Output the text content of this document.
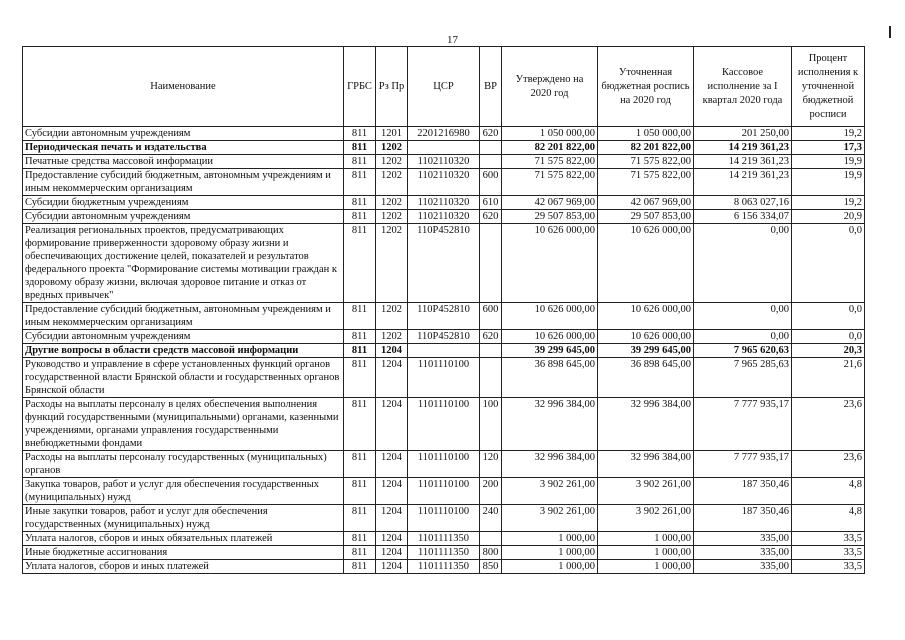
17
Наименование	ГРБС	Рз Пр	ЦСР	ВР	Утверждено на 2020 год	Уточненная бюджетная роспись на 2020 год	Кассовое исполнение за I квартал 2020 года	Процент исполнения к уточненной бюджетной росписи
Субсидии автономным учреждениям	811	1201	2201216980	620	1 050 000,00	1 050 000,00	201 250,00	19,2
Периодическая печать и издательства	811	1202			82 201 822,00	82 201 822,00	14 219 361,23	17,3
Печатные средства массовой информации	811	1202	1102110320		71 575 822,00	71 575 822,00	14 219 361,23	19,9
Предоставление субсидий бюджетным, автономным учреждениям и иным некоммерческим организациям	811	1202	1102110320	600	71 575 822,00	71 575 822,00	14 219 361,23	19,9
Субсидии бюджетным учреждениям	811	1202	1102110320	610	42 067 969,00	42 067 969,00	8 063 027,16	19,2
Субсидии автономным учреждениям	811	1202	1102110320	620	29 507 853,00	29 507 853,00	6 156 334,07	20,9
Реализация региональных проектов, предусматривающих формирование приверженности здоровому образу жизни и обеспечивающих достижение целей, показателей и результатов федерального проекта "Формирование системы мотивации граждан к здоровому образу жизни, включая здоровое питание и отказ от вредных привычек"	811	1202	110Р452810		10 626 000,00	10 626 000,00	0,00	0,0
Предоставление субсидий бюджетным, автономным учреждениям и иным некоммерческим организациям	811	1202	110Р452810	600	10 626 000,00	10 626 000,00	0,00	0,0
Субсидии автономным учреждениям	811	1202	110Р452810	620	10 626 000,00	10 626 000,00	0,00	0,0
Другие вопросы в области средств массовой информации	811	1204			39 299 645,00	39 299 645,00	7 965 620,63	20,3
Руководство и управление в сфере установленных функций органов государственной власти Брянской области и государственных органов Брянской области	811	1204	1101110100		36 898 645,00	36 898 645,00	7 965 285,63	21,6
Расходы на выплаты персоналу в целях обеспечения выполнения функций государственными (муниципальными) органами, казенными учреждениями, органами управления государственными внебюджетными фондами	811	1204	1101110100	100	32 996 384,00	32 996 384,00	7 777 935,17	23,6
Расходы на выплаты персоналу государственных (муниципальных) органов	811	1204	1101110100	120	32 996 384,00	32 996 384,00	7 777 935,17	23,6
Закупка товаров, работ и услуг для обеспечения государственных (муниципальных) нужд	811	1204	1101110100	200	3 902 261,00	3 902 261,00	187 350,46	4,8
Иные закупки товаров, работ и услуг для обеспечения государственных (муниципальных) нужд	811	1204	1101110100	240	3 902 261,00	3 902 261,00	187 350,46	4,8
Уплата налогов, сборов и иных обязательных платежей	811	1204	1101111350		1 000,00	1 000,00	335,00	33,5
Иные бюджетные ассигнования	811	1204	1101111350	800	1 000,00	1 000,00	335,00	33,5
Уплата налогов, сборов и иных платежей	811	1204	1101111350	850	1 000,00	1 000,00	335,00	33,5
